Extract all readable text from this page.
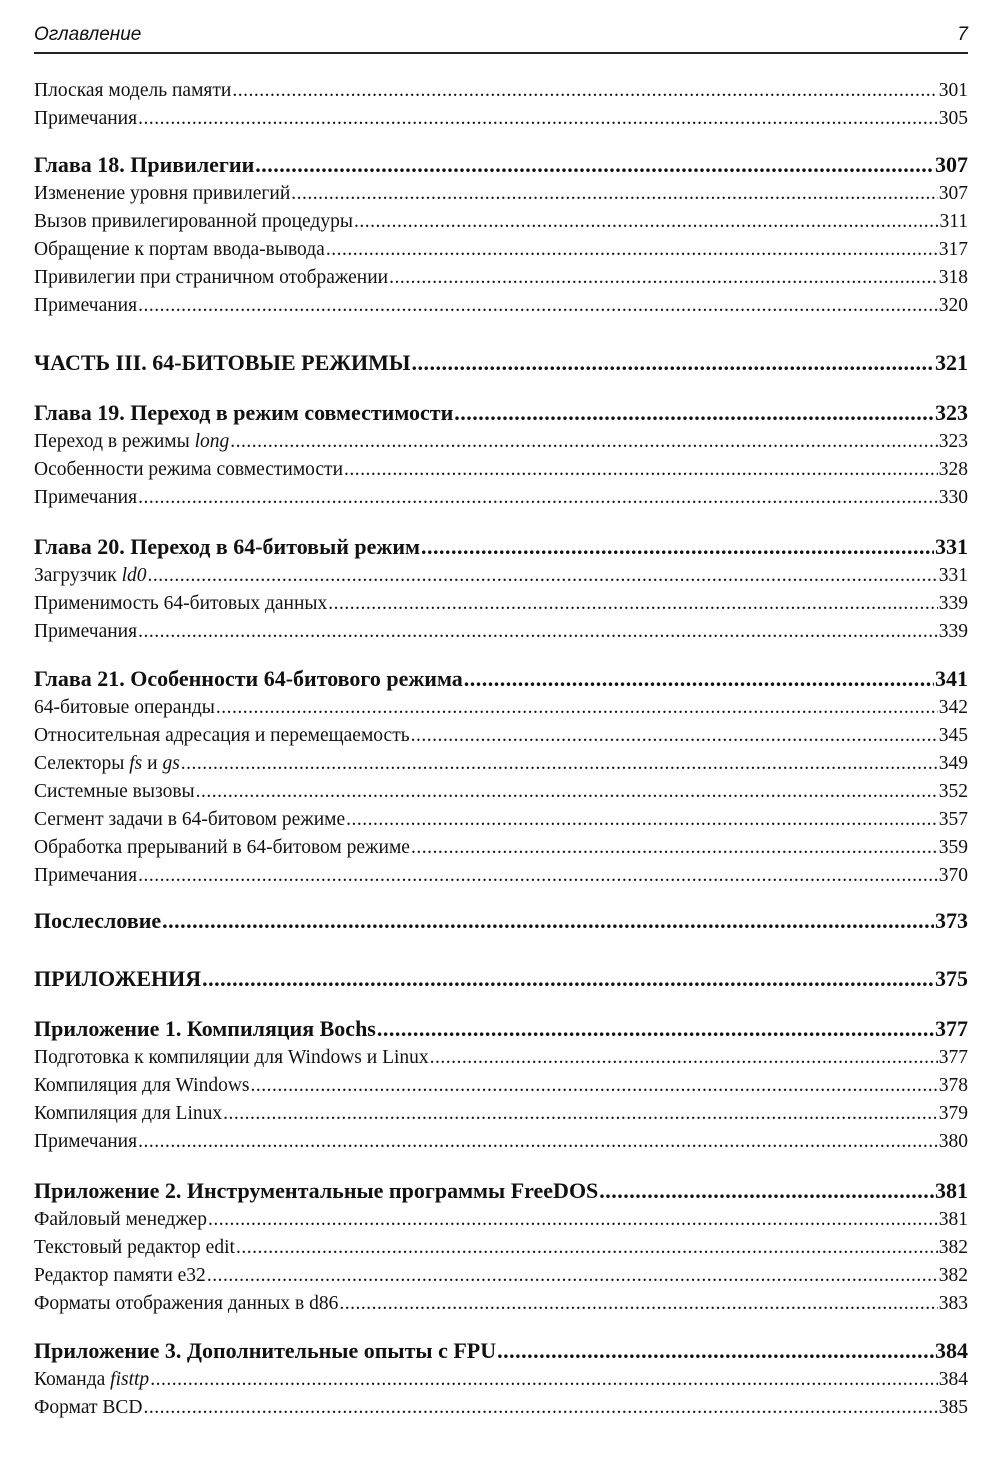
Оглавление	7
Плоская модель памяти .....	301
Примечания .....	305
Глава 18. Привилегии .....	307
Изменение уровня привилегий .....	307
Вызов привилегированной процедуры .....	311
Обращение к портам ввода-вывода .....	317
Привилегии при страничном отображении .....	318
Примечания .....	320
ЧАСТЬ III. 64-БИТОВЫЕ РЕЖИМЫ .....	321
Глава 19. Переход в режим совместимости .....	323
Переход в режимы long .....	323
Особенности режима совместимости .....	328
Примечания .....	330
Глава 20. Переход в 64-битовый режим .....	331
Загрузчик ld0 .....	331
Применимость 64-битовых данных .....	339
Примечания .....	339
Глава 21. Особенности 64-битового режима .....	341
64-битовые операнды .....	342
Относительная адресация и перемещаемость .....	345
Селекторы fs и gs .....	349
Системные вызовы .....	352
Сегмент задачи в 64-битовом режиме .....	357
Обработка прерываний в 64-битовом режиме .....	359
Примечания .....	370
Послесловие .....	373
ПРИЛОЖЕНИЯ .....	375
Приложение 1. Компиляция Bochs .....	377
Подготовка к компиляции для Windows и Linux .....	377
Компиляция для Windows .....	378
Компиляция для Linux .....	379
Примечания .....	380
Приложение 2. Инструментальные программы FreeDOS .....	381
Файловый менеджер .....	381
Текстовый редактор edit .....	382
Редактор памяти e32 .....	382
Форматы отображения данных в d86 .....	383
Приложение 3. Дополнительные опыты с FPU .....	384
Команда fisttp .....	384
Формат BCD .....	385
